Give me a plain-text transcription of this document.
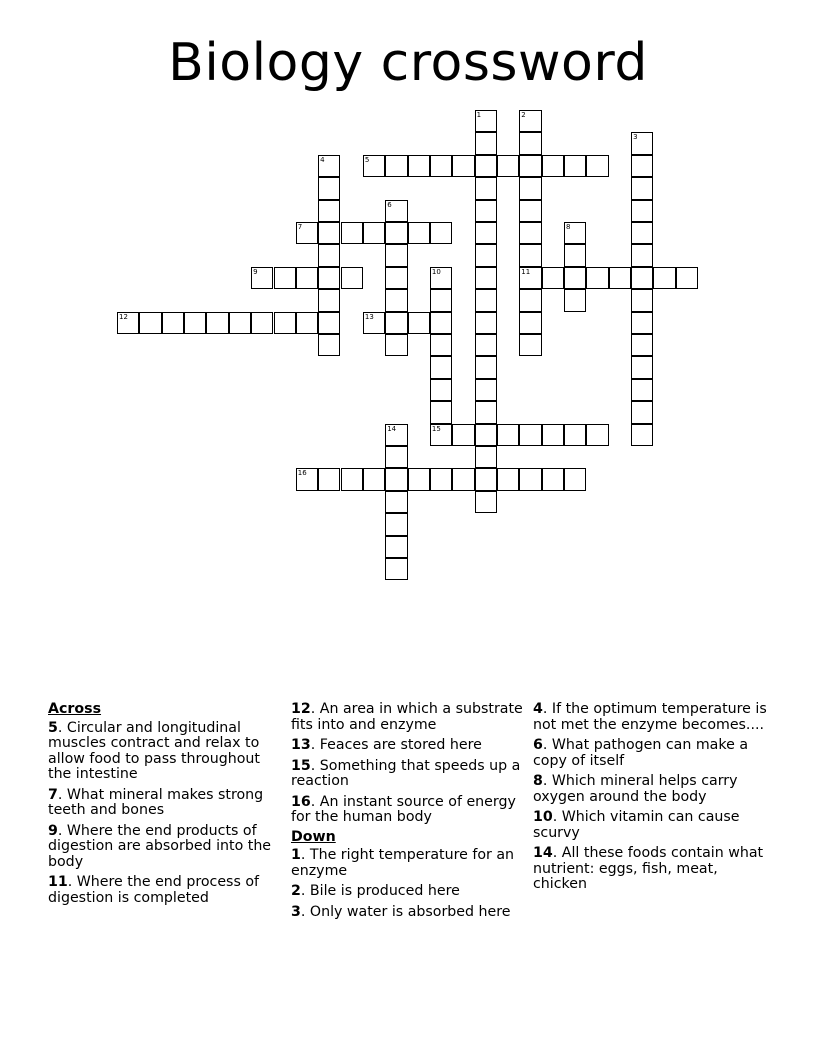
Biology crossword
1	2
11
3
4	5
6
7	8
9	10
15
12	13
14
16
Across
5. Circular and longitudinal muscles contract and relax to allow food to pass throughout the intestine
7. What mineral makes strong teeth and bones
9. Where the end products of digestion are absorbed into the body
11. Where the end process of digestion is completed
12. An area in which a substrate fits into and enzyme
13. Feaces are stored here
15. Something that speeds up a reaction
16. An instant source of energy for the human body
Down
1. The right temperature for an enzyme
2. Bile is produced here
3. Only water is absorbed here
4. If the optimum temperature is not met the enzyme becomes....
6. What pathogen can make a copy of itself
8. Which mineral helps carry oxygen around the body
10. Which vitamin can cause scurvy
14. All these foods contain what nutrient: eggs, fish, meat, chicken
